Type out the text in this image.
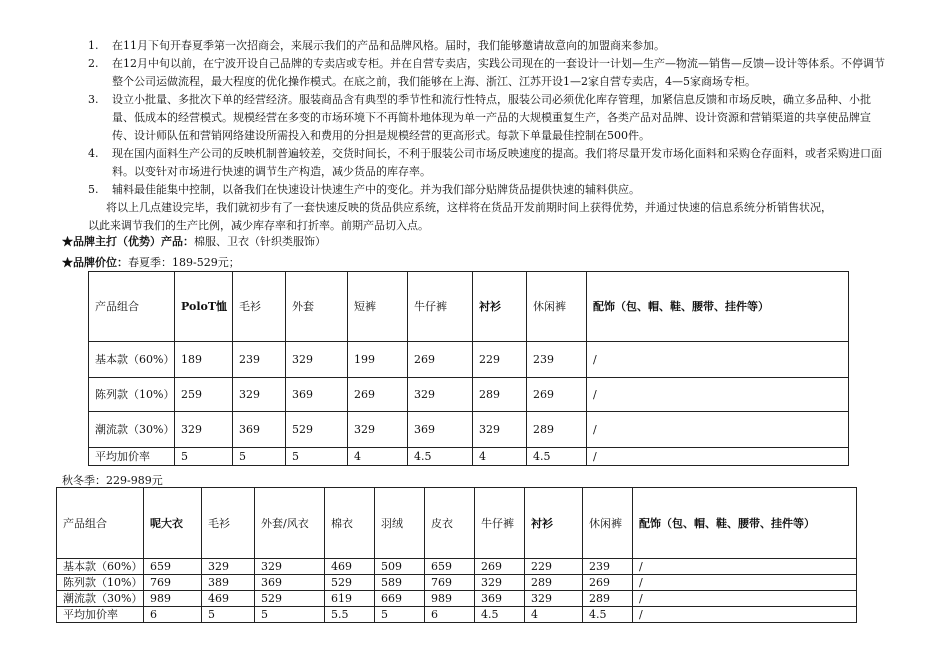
1.	在11月下旬开春夏季第一次招商会，来展示我们的产品和品牌风格。届时，我们能够邀请故意向的加盟商来参加。
2.	在12月中旬以前，在宁波开设自己品牌的专卖店或专柜。并在自营专卖店，实践公司现在的一套设计一计划—生产—物流—销售—反馈—设计等体系。不停调节整个公司运做流程，最大程度的优化操作模式。在底之前，我们能够在上海、浙江、江苏开设1—2家自营专卖店，4—5家商场专柜。
3.	设立小批量、多批次下单的经营经济。服装商品含有典型的季节性和流行性特点，服装公司必须优化库存管理，加紧信息反馈和市场反映，确立多品种、小批量、低成本的经营模式。规模经营在多变的市场环境下不再简朴地体现为单一产品的大规模重复生产，各类产品对品牌、设计资源和营销渠道的共享使品牌宣传、设计师队伍和营销网络建设所需投入和费用的分担是规模经营的更高形式。每款下单量最佳控制在500件。
4.	现在国内面料生产公司的反映机制普遍较差，交货时间长，不利于服装公司市场反映速度的提高。我们将尽量开发市场化面料和采购仓存面料，或者采购进口面料。以变针对市场进行快速的调节生产构造，减少货品的库存率。
5.	辅料最佳能集中控制，以备我们在快速设计快速生产中的变化。并为我们部分贴牌货品提供快速的辅料供应。
将以上几点建设完毕，我们就初步有了一套快速反映的货品供应系统，这样将在货品开发前期时间上获得优势，并通过快速的信息系统分析销售状况，
以此来调节我们的生产比例，减少库存率和打折率。前期产品切入点。
★品牌主打（优势）产品：棉服、卫衣（针织类服饰）
★品牌价位：春夏季：189-529元；
产品组合	PoloT恤	毛衫	外套	短裤	牛仔裤	衬衫	休闲裤	配饰（包、帽、鞋、腰带、挂件等）
基本款（60%）	189	239	329	199	269	229	239	/
陈列款（10%）	259	329	369	269	329	289	269	/
潮流款（30%）	329	369	529	329	369	329	289	/
平均加价率	5	5	5	4	4.5	4	4.5	/
秋冬季：229-989元
产品组合	呢大衣	毛衫	外套/风衣	棉衣	羽绒	皮衣	牛仔裤	衬衫	休闲裤	配饰（包、帽、鞋、腰带、挂件等）
基本款（60%）	659	329	329	469	509	659	269	229	239	/
陈列款（10%）	769	389	369	529	589	769	329	289	269	/
潮流款（30%）	989	469	529	619	669	989	369	329	289	/
平均加价率	6	5	5	5.5	5	6	4.5	4	4.5	/
